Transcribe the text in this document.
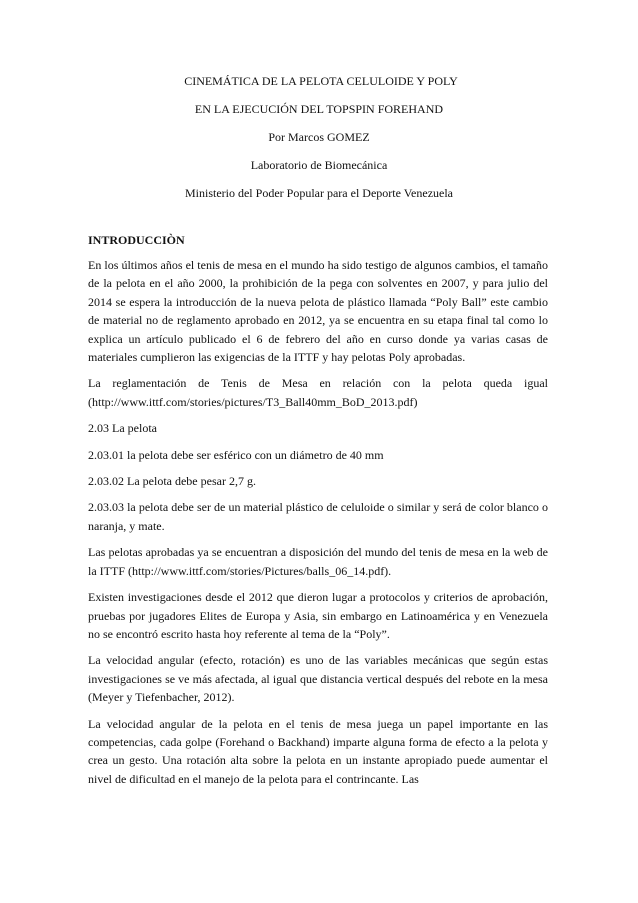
CINEMÁTICA DE LA PELOTA CELULOIDE Y POLY
EN LA EJECUCIÓN DEL TOPSPIN FOREHAND
Por Marcos GOMEZ
Laboratorio de Biomecánica
Ministerio del Poder Popular para el Deporte Venezuela
INTRODUCCIÒN

En los últimos años el tenis de mesa en el mundo ha sido testigo de algunos cambios, el tamaño de la pelota en el año 2000, la prohibición de la pega con solventes en 2007, y para julio del 2014 se espera la introducción de la nueva pelota de plástico llamada “Poly Ball” este cambio de material no de reglamento aprobado en 2012, ya se encuentra en su etapa final tal como lo explica un artículo publicado el 6 de febrero del año en curso donde ya varias casas de materiales cumplieron las exigencias de la ITTF y hay pelotas Poly aprobadas.

La reglamentación de Tenis de Mesa en relación con la pelota queda igual (http://www.ittf.com/stories/pictures/T3_Ball40mm_BoD_2013.pdf)

2.03 La pelota

2.03.01 la pelota debe ser esférico con un diámetro de 40 mm

2.03.02 La pelota debe pesar 2,7 g.

2.03.03 la pelota debe ser de un material plástico de celuloide o similar y será de color blanco o naranja, y mate.

Las pelotas aprobadas ya se encuentran a disposición del mundo del tenis de mesa en la web de la ITTF (http://www.ittf.com/stories/Pictures/balls_06_14.pdf).

Existen investigaciones desde el 2012 que dieron lugar a protocolos y criterios de aprobación, pruebas por jugadores Elites de Europa y Asia, sin embargo en Latinoamérica y en Venezuela no se encontró escrito hasta hoy referente al tema de la “Poly”.

La velocidad angular (efecto, rotación) es uno de las variables mecánicas que según estas investigaciones se ve más afectada, al igual que distancia vertical después del rebote en la mesa (Meyer y Tiefenbacher, 2012).

La velocidad angular de la pelota en el tenis de mesa juega un papel importante en las competencias, cada golpe (Forehand o Backhand) imparte alguna forma de efecto a la pelota y crea un gesto. Una rotación alta sobre la pelota en un instante apropiado puede aumentar el nivel de dificultad en el manejo de la pelota para el contrincante. Las
